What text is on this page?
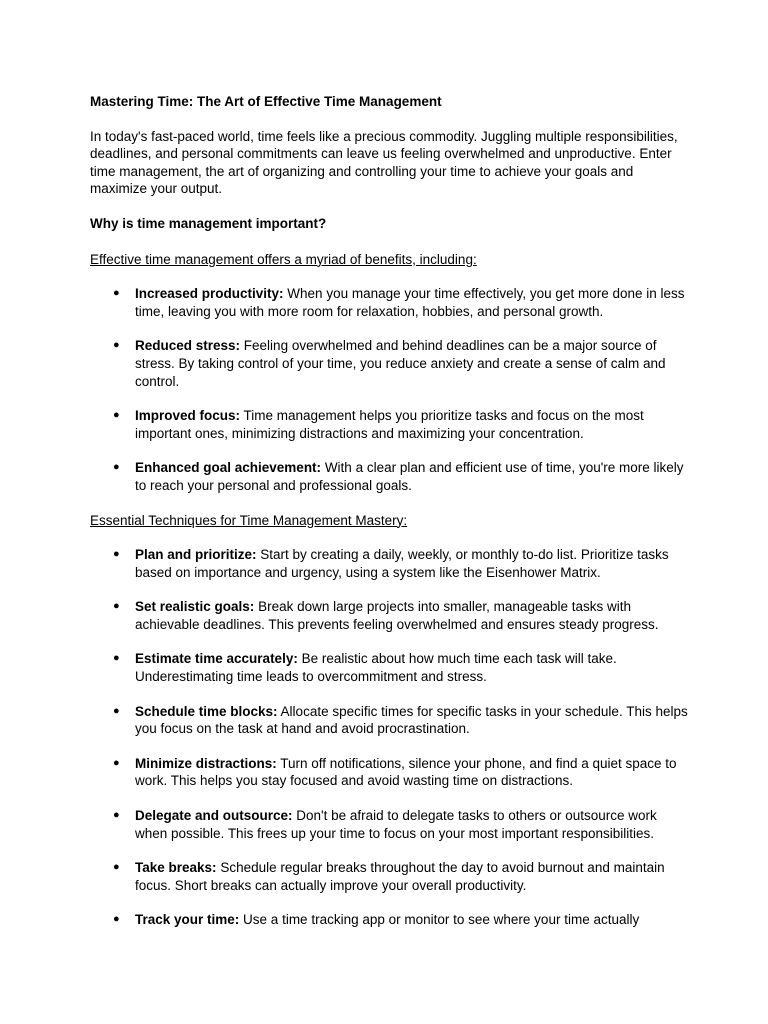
Mastering Time: The Art of Effective Time Management

In today's fast-paced world, time feels like a precious commodity. Juggling multiple responsibilities, deadlines, and personal commitments can leave us feeling overwhelmed and unproductive. Enter time management, the art of organizing and controlling your time to achieve your goals and maximize your output.

Why is time management important?

Effective time management offers a myriad of benefits, including:

● Increased productivity: When you manage your time effectively, you get more done in less time, leaving you with more room for relaxation, hobbies, and personal growth.
● Reduced stress: Feeling overwhelmed and behind deadlines can be a major source of stress. By taking control of your time, you reduce anxiety and create a sense of calm and control.
● Improved focus: Time management helps you prioritize tasks and focus on the most important ones, minimizing distractions and maximizing your concentration.
● Enhanced goal achievement: With a clear plan and efficient use of time, you're more likely to reach your personal and professional goals.

Essential Techniques for Time Management Mastery:

● Plan and prioritize: Start by creating a daily, weekly, or monthly to-do list. Prioritize tasks based on importance and urgency, using a system like the Eisenhower Matrix.
● Set realistic goals: Break down large projects into smaller, manageable tasks with achievable deadlines. This prevents feeling overwhelmed and ensures steady progress.
● Estimate time accurately: Be realistic about how much time each task will take. Underestimating time leads to overcommitment and stress.
● Schedule time blocks: Allocate specific times for specific tasks in your schedule. This helps you focus on the task at hand and avoid procrastination.
● Minimize distractions: Turn off notifications, silence your phone, and find a quiet space to work. This helps you stay focused and avoid wasting time on distractions.
● Delegate and outsource: Don't be afraid to delegate tasks to others or outsource work when possible. This frees up your time to focus on your most important responsibilities.
● Take breaks: Schedule regular breaks throughout the day to avoid burnout and maintain focus. Short breaks can actually improve your overall productivity.
● Track your time: Use a time tracking app or monitor to see where your time actually
